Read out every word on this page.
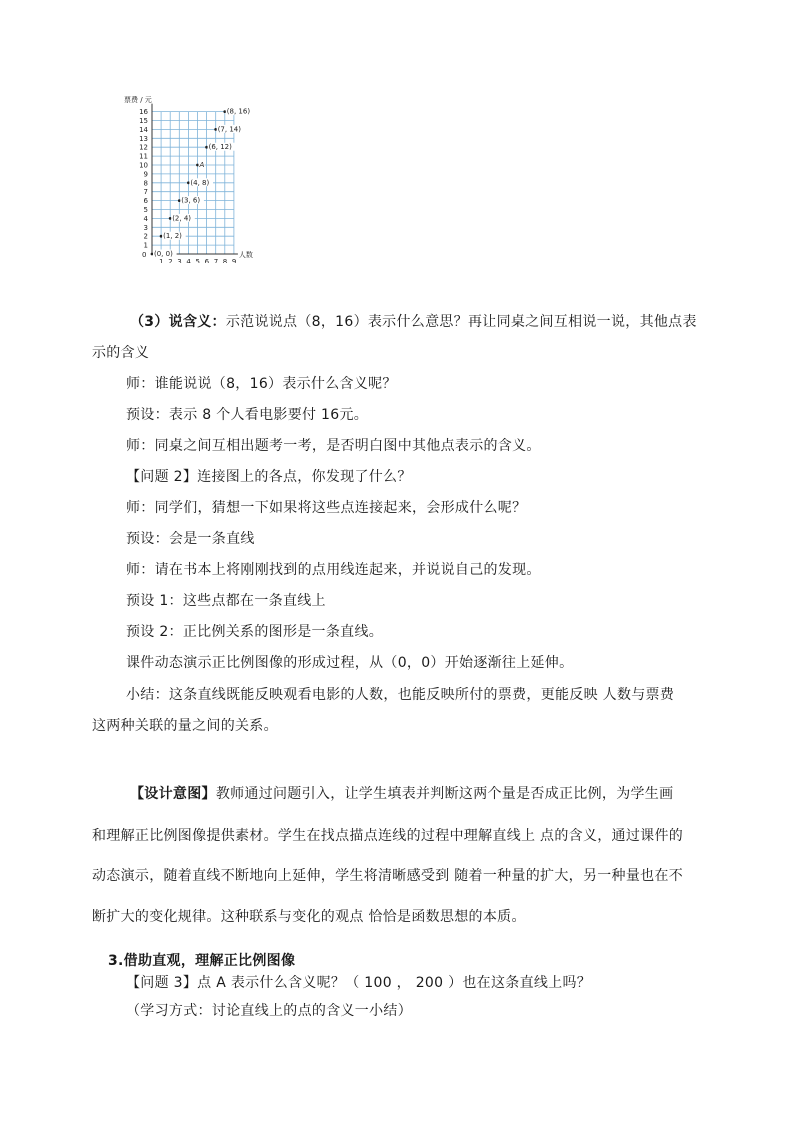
0
1 2 3 4 5 6 7 8 9
1
2
3
4
5
6
7
8
9
10
11
12
13
14
15
16
票费 / 元
人数
(0, 0)
(1, 2)
(2, 4)
(3, 6)
(4, 8)
A
(6, 12)
(7, 14)
(8, 16)
（3）说含义：示范说说点（8，16）表示什么意思？再让同桌之间互相说一说，其他点表
示的含义
师：谁能说说（8，16）表示什么含义呢？
预设：表示 8 个人看电影要付 16元。
师：同桌之间互相出题考一考，是否明白图中其他点表示的含义。
【问题 2】连接图上的各点，你发现了什么？
师：同学们，猜想一下如果将这些点连接起来，会形成什么呢？
预设：会是一条直线
师：请在书本上将刚刚找到的点用线连起来，并说说自己的发现。
预设 1：这些点都在一条直线上
预设 2：正比例关系的图形是一条直线。
课件动态演示正比例图像的形成过程，从（0，0）开始逐渐往上延伸。
小结：这条直线既能反映观看电影的人数，也能反映所付的票费，更能反映 人数与票费
这两种关联的量之间的关系。
【设计意图】教师通过问题引入，让学生填表并判断这两个量是否成正比例，为学生画
和理解正比例图像提供素材。学生在找点描点连线的过程中理解直线上 点的含义，通过课件的
动态演示，随着直线不断地向上延伸，学生将清晰感受到 随着一种量的扩大，另一种量也在不
断扩大的变化规律。这种联系与变化的观点 恰恰是函数思想的本质。
3.借助直观，理解正比例图像
【问题 3】点 A 表示什么含义呢？（ 100 ， 200 ）也在这条直线上吗？
（学习方式：讨论直线上的点的含义一小结）
